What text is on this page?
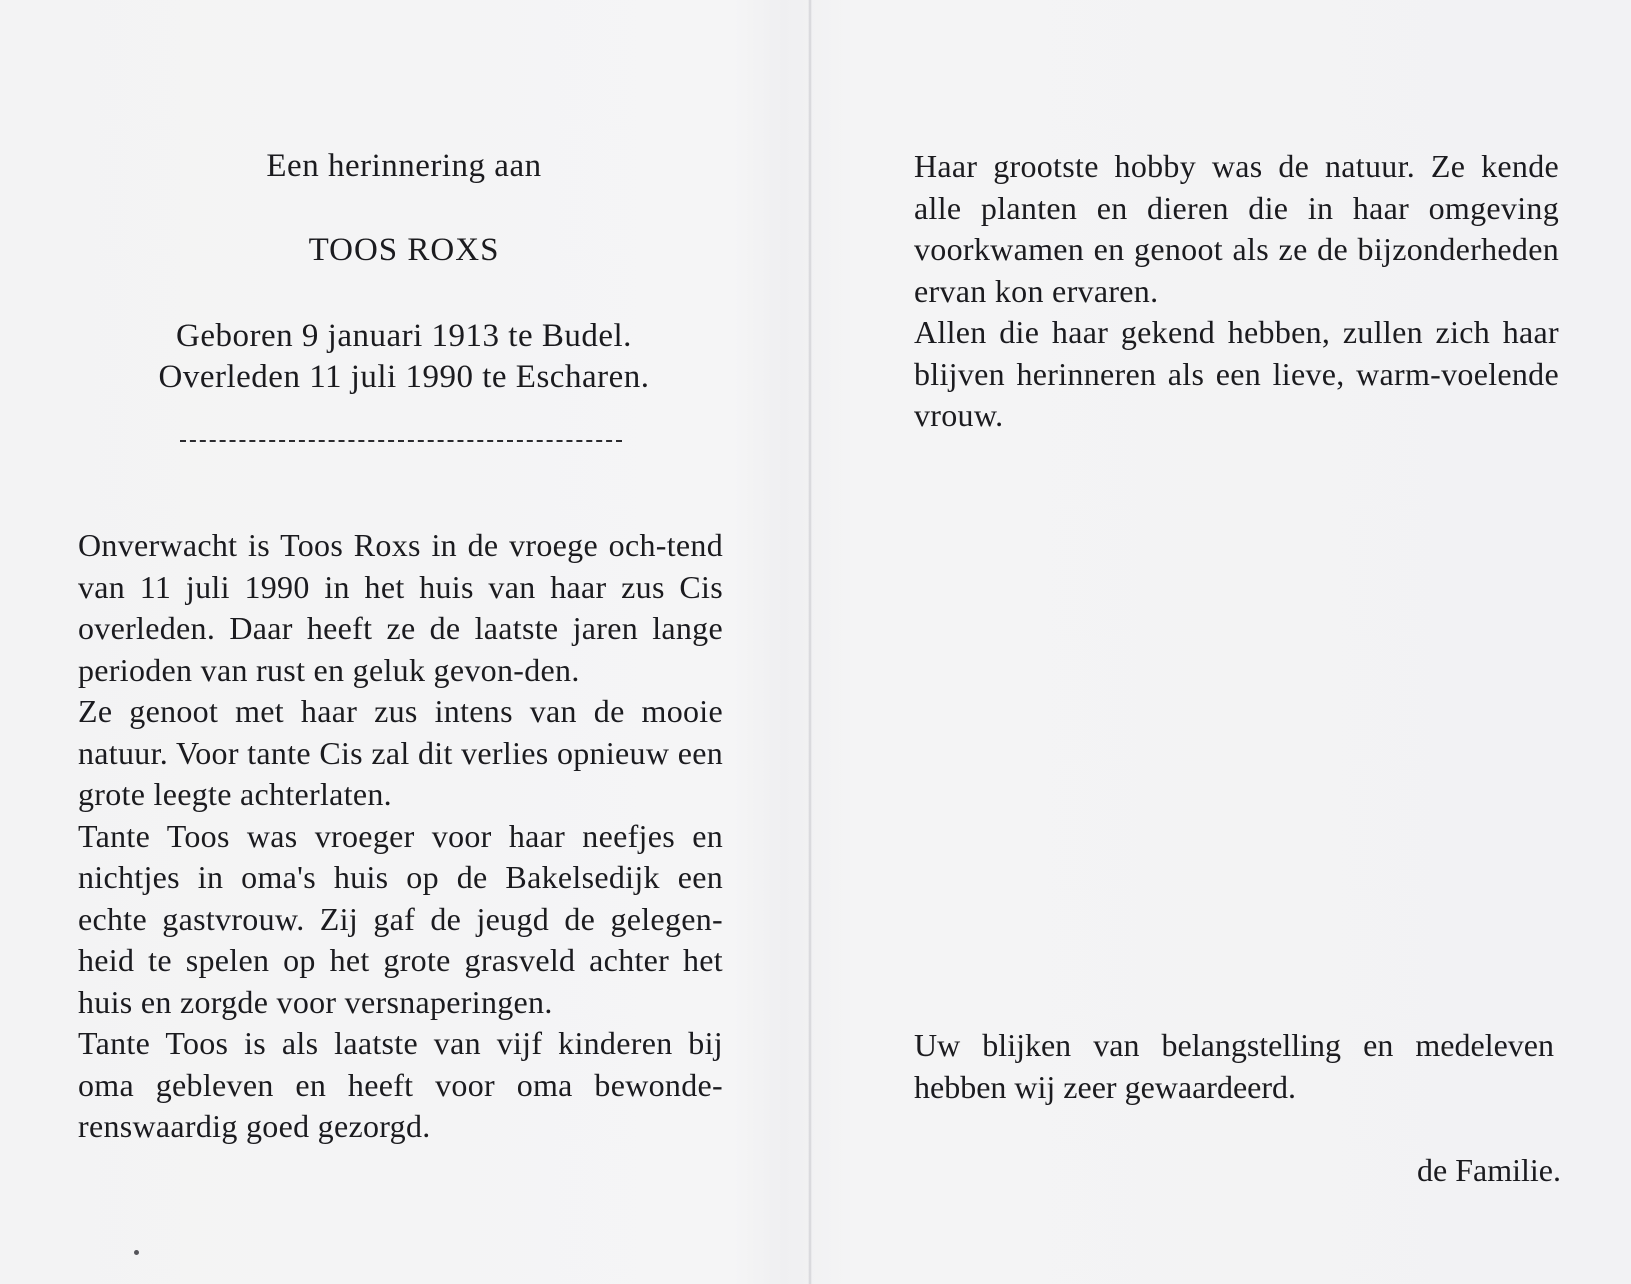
Een herinnering aan
TOOS ROXS
Geboren 9 januari 1913 te Budel.
Overleden 11 juli 1990 te Escharen.

Onverwacht is Toos Roxs in de vroege och-tend van 11 juli 1990 in het huis van haar zus Cis overleden. Daar heeft ze de laatste jaren lange perioden van rust en geluk gevon-den.

Ze genoot met haar zus intens van de mooie natuur. Voor tante Cis zal dit verlies opnieuw een grote leegte achterlaten.

Tante Toos was vroeger voor haar neefjes en nichtjes in oma's huis op de Bakelsedijk een echte gastvrouw. Zij gaf de jeugd de gelegen-heid te spelen op het grote grasveld achter het huis en zorgde voor versnaperingen.

Tante Toos is als laatste van vijf kinderen bij oma gebleven en heeft voor oma bewonde-renswaardig goed gezorgd.

Haar grootste hobby was de natuur. Ze kende alle planten en dieren die in haar omgeving voorkwamen en genoot als ze de bijzonderheden ervan kon ervaren.

Allen die haar gekend hebben, zullen zich haar blijven herinneren als een lieve, warm-voelende vrouw.

Uw blijken van belangstelling en medeleven hebben wij zeer gewaardeerd.
de Familie.
